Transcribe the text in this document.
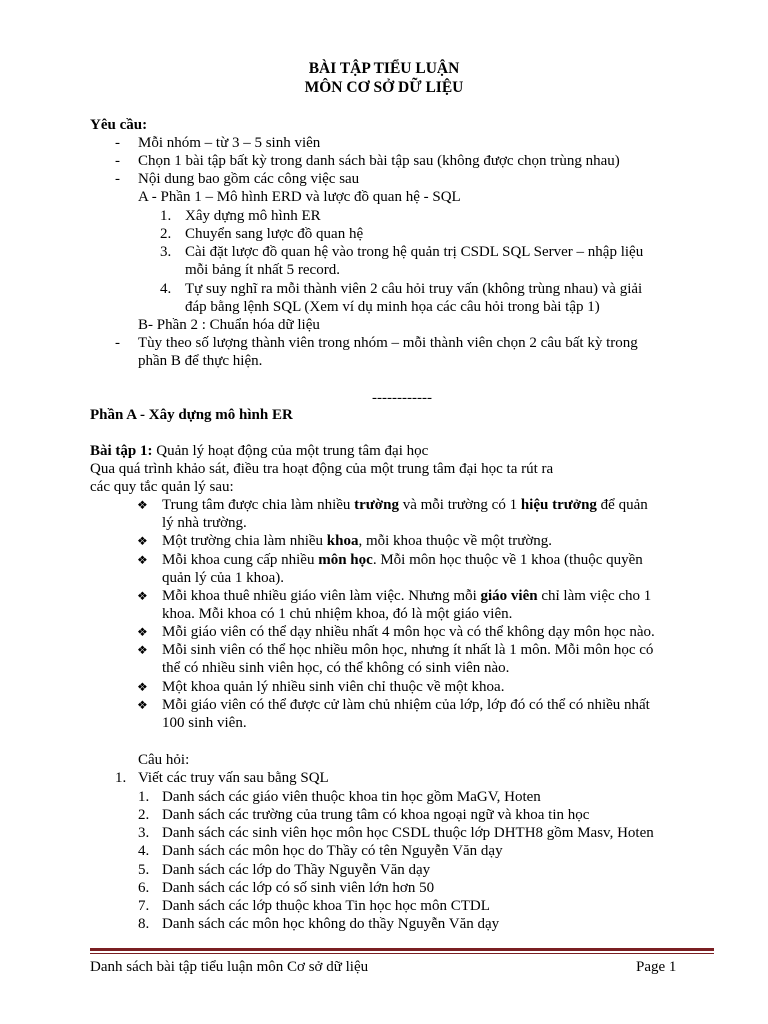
BÀI TẬP TIỂU LUẬN
MÔN CƠ SỞ DỮ LIỆU
Yêu cầu:
- Mỗi nhóm – từ 3 – 5 sinh viên
- Chọn 1 bài tập bất kỳ trong danh sách bài tập sau (không được chọn trùng nhau)
- Nội dung bao gồm các công việc sau
A - Phần 1 – Mô hình ERD và lược đồ quan hệ - SQL
1. Xây dựng mô hình ER
2. Chuyển sang lược đồ quan hệ
3. Cài đặt lược đồ quan hệ vào trong hệ quản trị CSDL SQL Server – nhập liệu
mỗi bảng ít nhất 5 record.
4. Tự suy nghĩ ra mỗi thành viên 2 câu hỏi truy vấn (không trùng nhau) và giải
đáp bằng lệnh SQL (Xem ví dụ minh họa các câu hỏi trong bài tập 1)
B- Phần 2 : Chuẩn hóa dữ liệu
- Tùy theo số lượng thành viên trong nhóm – mỗi thành viên chọn 2 câu bất kỳ trong
phần B để thực hiện.
------------
Phần A - Xây dựng mô hình ER
Bài tập 1: Quản lý hoạt động của một trung tâm đại học
Qua quá trình khảo sát, điều tra hoạt động của một trung tâm đại học ta rút ra
các quy tắc quản lý sau:
❖ Trung tâm được chia làm nhiều trường và mỗi trường có 1 hiệu trưởng để quản
lý nhà trường.
❖ Một trường chia làm nhiều khoa, mỗi khoa thuộc về một trường.
❖ Mỗi khoa cung cấp nhiều môn học. Mỗi môn học thuộc về 1 khoa (thuộc quyền
quản lý của 1 khoa).
❖ Mỗi khoa thuê nhiều giáo viên làm việc. Nhưng mỗi giáo viên chỉ làm việc cho 1
khoa. Mỗi khoa có 1 chủ nhiệm khoa, đó là một giáo viên.
❖ Mỗi giáo viên có thể dạy nhiều nhất 4 môn học và có thể không dạy môn học nào.
❖ Mỗi sinh viên có thể học nhiều môn học, nhưng ít nhất là 1 môn. Mỗi môn học có
thể có nhiều sinh viên học, có thể không có sinh viên nào.
❖ Một khoa quản lý nhiều sinh viên chỉ thuộc về một khoa.
❖ Mỗi giáo viên có thể được cử làm chủ nhiệm của lớp, lớp đó có thể có nhiều nhất
100 sinh viên.
Câu hỏi:
1. Viết các truy vấn sau bằng SQL
1. Danh sách các giáo viên thuộc khoa tin học gồm MaGV, Hoten
2. Danh sách các trường của trung tâm có khoa ngoại ngữ và khoa tin học
3. Danh sách các sinh viên học môn học CSDL thuộc lớp DHTH8 gồm Masv, Hoten
4. Danh sách các môn học do Thầy có tên Nguyễn Văn dạy
5. Danh sách các lớp do Thầy Nguyễn Văn dạy
6. Danh sách các lớp có số sinh viên lớn hơn 50
7. Danh sách các lớp thuộc khoa Tin học học môn CTDL
8. Danh sách các môn học không do thầy Nguyễn Văn dạy
Danh sách bài tập tiểu luận môn Cơ sở dữ liệu	Page 1
